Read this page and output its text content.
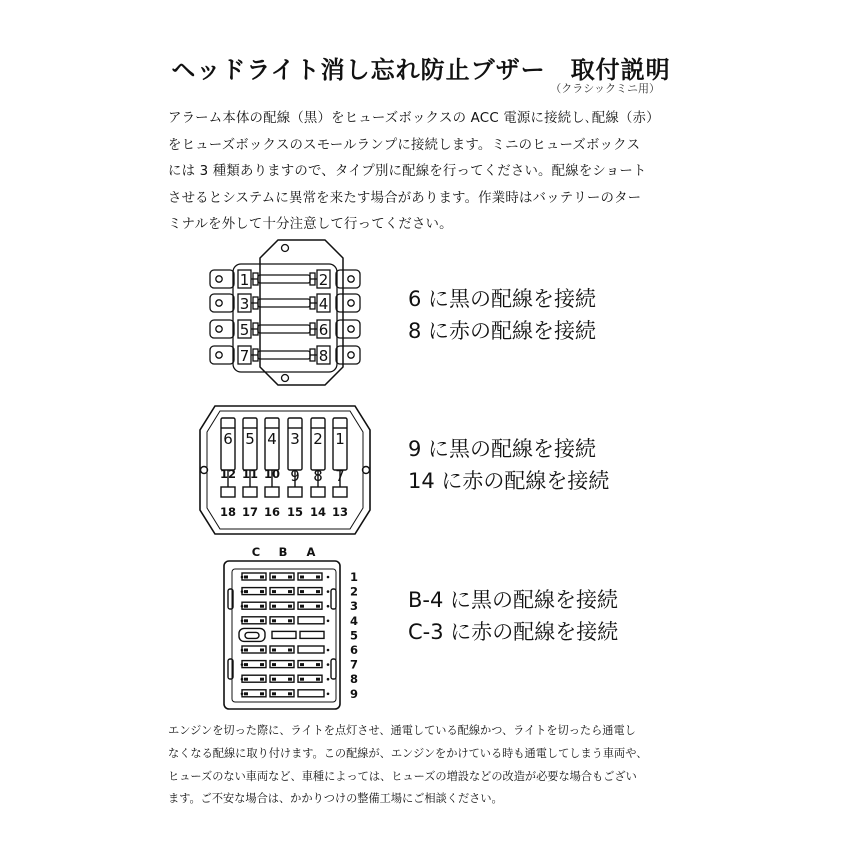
ヘッドライト消し忘れ防止ブザー　取付説明
（クラシックミニ用）
アラーム本体の配線（黒）をヒューズボックスの ACC 電源に接続し､配線（赤）
をヒューズボックスのスモールランプに接続します。ミニのヒューズボックス
には 3 種類ありますので、タイプ別に配線を行ってください。配線をショート
させるとシステムに異常を来たす場合があります。作業時はバッテリーのター
ミナルを外して十分注意して行ってください。
1	2
3	4
5	6
7	8
6
12
18
5
11
17
4
10
16
3
9
15
2
8
14
1
7
13
C B A
1
2
3
4
5
6
7
8
9
6 に黒の配線を接続
8 に赤の配線を接続
9 に黒の配線を接続
14 に赤の配線を接続
B-4 に黒の配線を接続
C-3 に赤の配線を接続
エンジンを切った際に、ライトを点灯させ、通電している配線かつ、ライトを切ったら通電し
なくなる配線に取り付けます。この配線が、エンジンをかけている時も通電してしまう車両や、
ヒューズのない車両など、車種によっては、ヒューズの増設などの改造が必要な場合もござい
ます。ご不安な場合は、かかりつけの整備工場にご相談ください。
